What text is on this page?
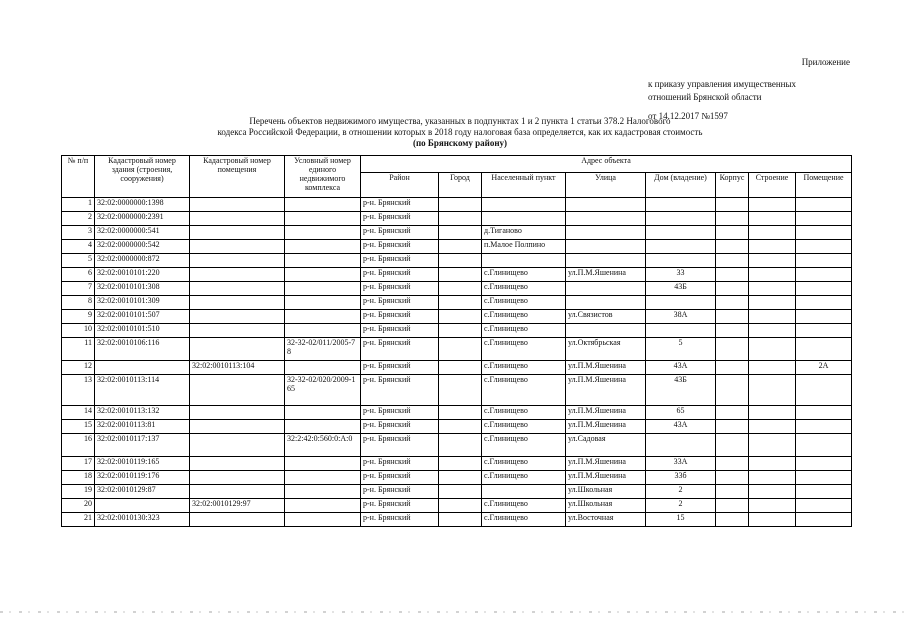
Приложение
к приказу управления имущественных
отношений Брянской области
от 14.12.2017 №1597
Перечень объектов недвижимого имущества, указанных в подпунктах 1 и 2 пункта 1 статьи 378.2 Налогового
кодекса Российской Федерации, в отношении которых в 2018 году налоговая база определяется, как их кадастровая стоимость
(по Брянскому району)
№ п/п	Кадастровый номер здания (строения, сооружения)	Кадастровый номер помещения	Условный номер единого недвижимого комплекса	Адрес объекта							
				Район	Город	Населенный пункт	Улица	Дом (владение)	Корпус	Строение	Помещение
1	32:02:0000000:1398			р-н. Брянский							
2	32:02:0000000:2391			р-н. Брянский							
3	32:02:0000000:541			р-н. Брянский		д.Тиганово					
4	32:02:0000000:542			р-н. Брянский		п.Малое Полпино					
5	32:02:0000000:872			р-н. Брянский							
6	32:02:0010101:220			р-н. Брянский		с.Глинищево	ул.П.М.Яшенина	33			
7	32:02:0010101:308			р-н. Брянский		с.Глинищево		43Б			
8	32:02:0010101:309			р-н. Брянский		с.Глинищево					
9	32:02:0010101:507			р-н. Брянский		с.Глинищево	ул.Связистов	38А			
10	32:02:0010101:510			р-н. Брянский		с.Глинищево					
11	32:02:0010106:116		32-32-02/011/2005-78	р-н. Брянский		с.Глинищево	ул.Октябрьская	5			
12		32:02:0010113:104		р-н. Брянский		с.Глинищево	ул.П.М.Яшенина	43А			2А
13	32:02:0010113:114		32-32-02/020/2009-165	р-н. Брянский		с.Глинищево	ул.П.М.Яшенина	43Б			
14	32:02:0010113:132			р-н. Брянский		с.Глинищево	ул.П.М.Яшенина	65			
15	32:02:0010113:81			р-н. Брянский		с.Глинищево	ул.П.М.Яшенина	43А			
16	32:02:0010117:137		32:2:42:0:560:0:А:0	р-н. Брянский		с.Глинищево	ул.Садовая				
17	32:02:0010119:165			р-н. Брянский		с.Глинищево	ул.П.М.Яшенина	33А			
18	32:02:0010119:176			р-н. Брянский		с.Глинищево	ул.П.М.Яшенина	33б			
19	32:02:0010129:87			р-н. Брянский			ул.Школьная	2			
20		32:02:0010129:97		р-н. Брянский		с.Глинищево	ул.Школьная	2			
21	32:02:0010130:323			р-н. Брянский		с.Глинищево	ул.Восточная	15			
